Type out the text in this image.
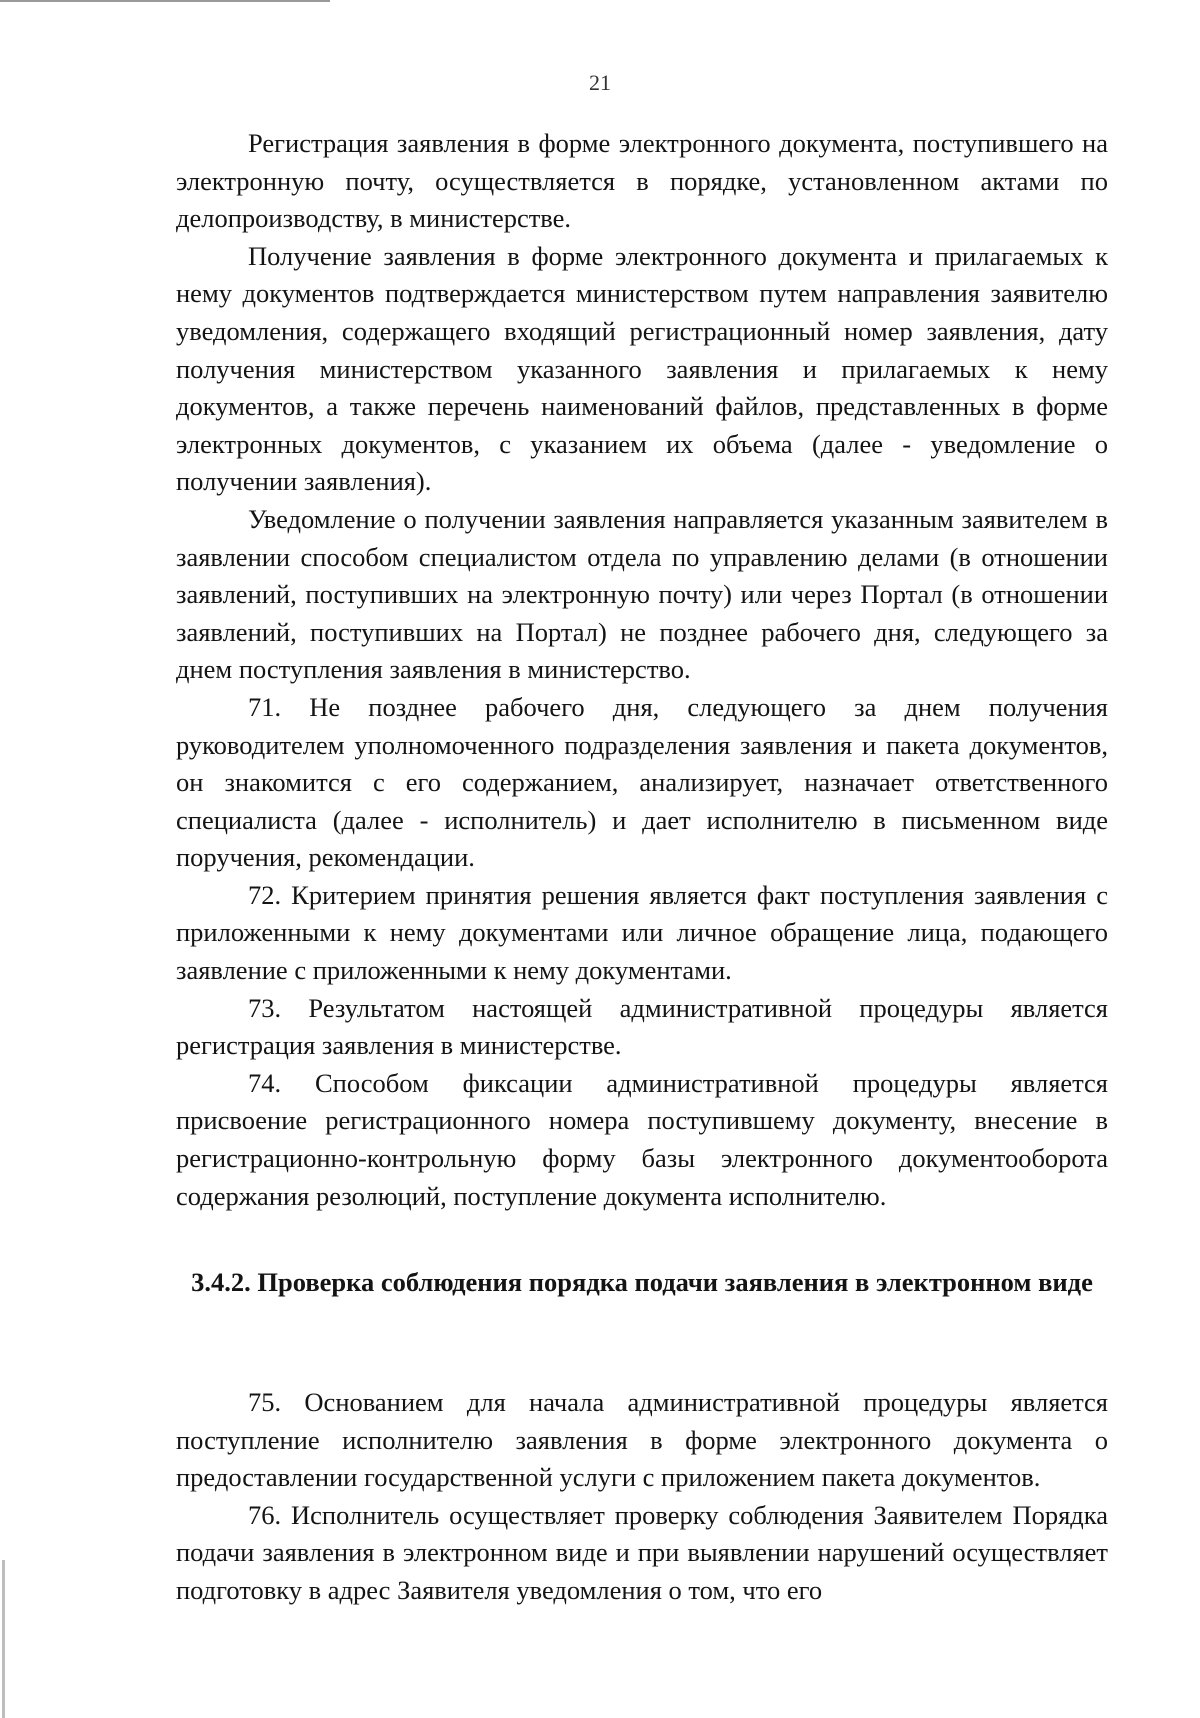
21

Регистрация заявления в форме электронного документа, поступившего на электронную почту, осуществляется в порядке, установленном актами по делопроизводству, в министерстве.

Получение заявления в форме электронного документа и прилагаемых к нему документов подтверждается министерством путем направления заявителю уведомления, содержащего входящий регистрационный номер заявления, дату получения министерством указанного заявления и прилагаемых к нему документов, а также перечень наименований файлов, представленных в форме электронных документов, с указанием их объема (далее - уведомление о получении заявления).

Уведомление о получении заявления направляется указанным заявителем в заявлении способом специалистом отдела по управлению делами (в отношении заявлений, поступивших на электронную почту) или через Портал (в отношении заявлений, поступивших на Портал) не позднее рабочего дня, следующего за днем поступления заявления в министерство.

71. Не позднее рабочего дня, следующего за днем получения руководителем уполномоченного подразделения заявления и пакета документов, он знакомится с его содержанием, анализирует, назначает ответственного специалиста (далее - исполнитель) и дает исполнителю в письменном виде поручения, рекомендации.

72. Критерием принятия решения является факт поступления заявления с приложенными к нему документами или личное обращение лица, подающего заявление с приложенными к нему документами.

73. Результатом настоящей административной процедуры является регистрация заявления в министерстве.

74. Способом фиксации административной процедуры является присвоение регистрационного номера поступившему документу, внесение в регистрационно-контрольную форму базы электронного документооборота содержания резолюций, поступление документа исполнителю.

3.4.2. Проверка соблюдения порядка подачи заявления в электронном виде

75. Основанием для начала административной процедуры является поступление исполнителю заявления в форме электронного документа о предоставлении государственной услуги с приложением пакета документов.

76. Исполнитель осуществляет проверку соблюдения Заявителем Порядка подачи заявления в электронном виде и при выявлении нарушений осуществляет подготовку в адрес Заявителя уведомления о том, что его
